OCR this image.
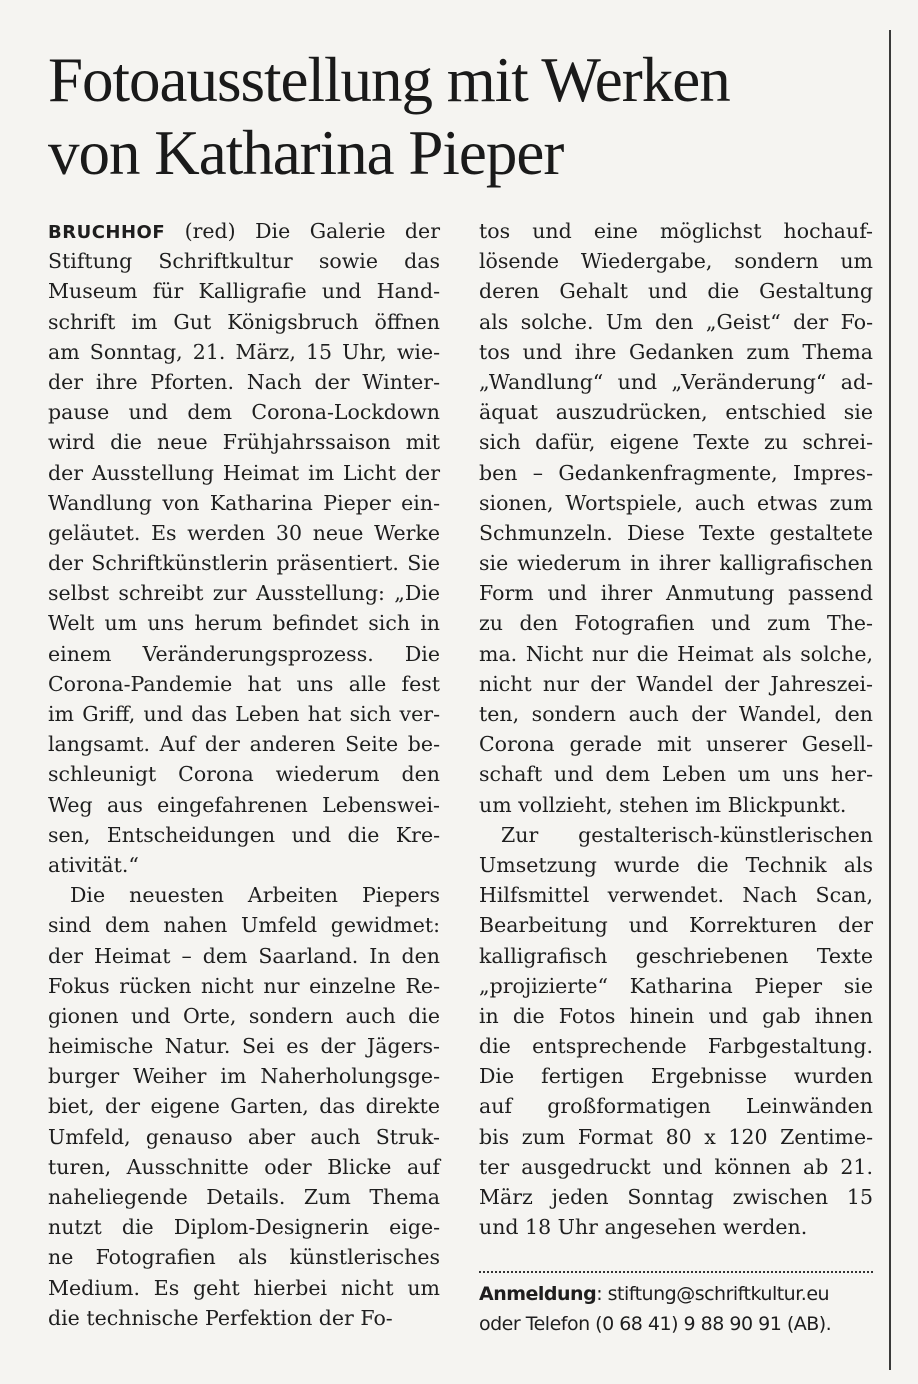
Fotoausstellung mit Werken
von Katharina Pieper
BRUCHHOF (red) Die Galerie der
Stiftung Schriftkultur sowie das
Museum für Kalligrafie und Hand-
schrift im Gut Königsbruch öffnen
am Sonntag, 21. März, 15 Uhr, wie-
der ihre Pforten. Nach der Winter-
pause und dem Corona-Lockdown
wird die neue Frühjahrssaison mit
der Ausstellung Heimat im Licht der
Wandlung von Katharina Pieper ein-
geläutet. Es werden 30 neue Werke
der Schriftkünstlerin präsentiert. Sie
selbst schreibt zur Ausstellung: „Die
Welt um uns herum befindet sich in
einem Veränderungsprozess. Die
Corona-Pandemie hat uns alle fest
im Griff, und das Leben hat sich ver-
langsamt. Auf der anderen Seite be-
schleunigt Corona wiederum den
Weg aus eingefahrenen Lebenswei-
sen, Entscheidungen und die Kre-
ativität.“
Die neuesten Arbeiten Piepers
sind dem nahen Umfeld gewidmet:
der Heimat – dem Saarland. In den
Fokus rücken nicht nur einzelne Re-
gionen und Orte, sondern auch die
heimische Natur. Sei es der Jägers-
burger Weiher im Naherholungsge-
biet, der eigene Garten, das direkte
Umfeld, genauso aber auch Struk-
turen, Ausschnitte oder Blicke auf
naheliegende Details. Zum Thema
nutzt die Diplom-Designerin eige-
ne Fotografien als künstlerisches
Medium. Es geht hierbei nicht um
die technische Perfektion der Fo-
tos und eine möglichst hochauf-
lösende Wiedergabe, sondern um
deren Gehalt und die Gestaltung
als solche. Um den „Geist“ der Fo-
tos und ihre Gedanken zum Thema
„Wandlung“ und „Veränderung“ ad-
äquat auszudrücken, entschied sie
sich dafür, eigene Texte zu schrei-
ben – Gedankenfragmente, Impres-
sionen, Wortspiele, auch etwas zum
Schmunzeln. Diese Texte gestaltete
sie wiederum in ihrer kalligrafischen
Form und ihrer Anmutung passend
zu den Fotografien und zum The-
ma. Nicht nur die Heimat als solche,
nicht nur der Wandel der Jahreszei-
ten, sondern auch der Wandel, den
Corona gerade mit unserer Gesell-
schaft und dem Leben um uns her-
um vollzieht, stehen im Blickpunkt.
Zur gestalterisch-künstlerischen
Umsetzung wurde die Technik als
Hilfsmittel verwendet. Nach Scan,
Bearbeitung und Korrekturen der
kalligrafisch geschriebenen Texte
„projizierte“ Katharina Pieper sie
in die Fotos hinein und gab ihnen
die entsprechende Farbgestaltung.
Die fertigen Ergebnisse wurden
auf großformatigen Leinwänden
bis zum Format 80 x 120 Zentime-
ter ausgedruckt und können ab 21.
März jeden Sonntag zwischen 15
und 18 Uhr angesehen werden.
Anmeldung: stiftung@schriftkultur.eu
oder Telefon (0 68 41) 9 88 90 91 (AB).
